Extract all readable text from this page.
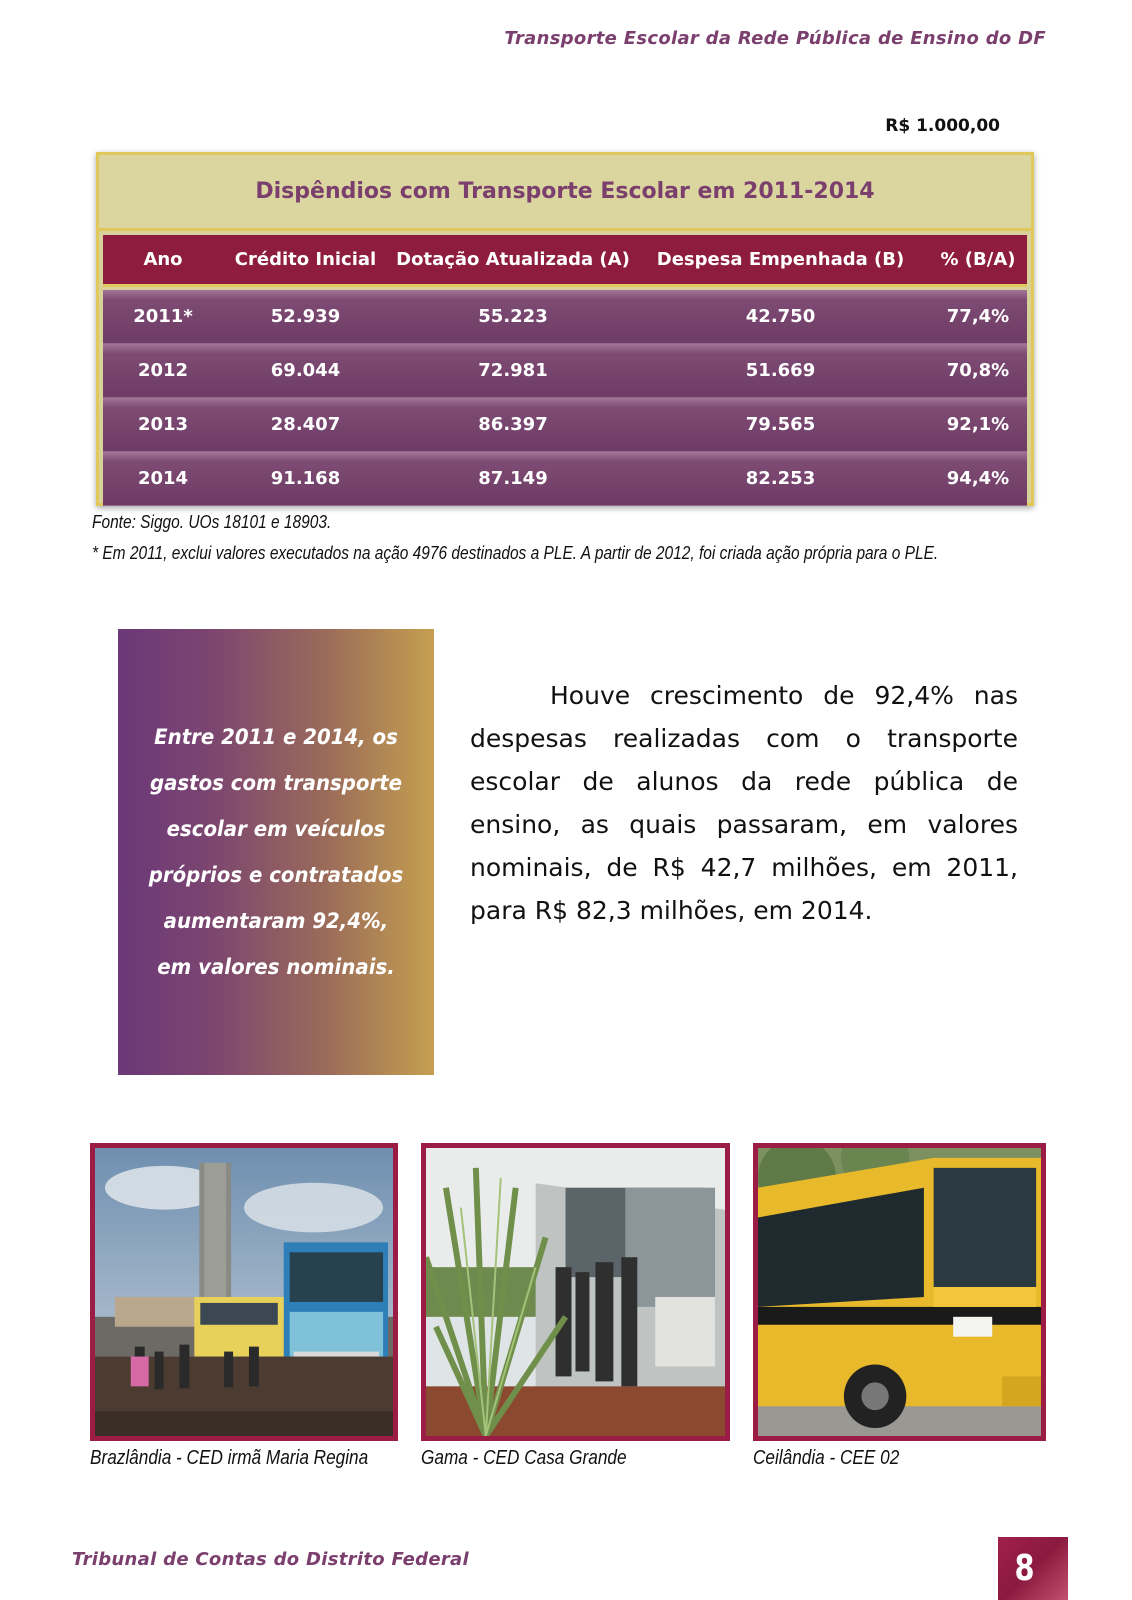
Transporte Escolar da Rede Pública de Ensino do DF
R$ 1.000,00
Dispêndios com Transporte Escolar em 2011-2014
Ano	Crédito Inicial	Dotação Atualizada (A)	Despesa Empenhada (B)	% (B/A)
2011*	52.939	55.223	42.750	77,4%
2012	69.044	72.981	51.669	70,8%
2013	28.407	86.397	79.565	92,1%
2014	91.168	87.149	82.253	94,4%
Fonte: Siggo. UOs 18101 e 18903.
* Em 2011, exclui valores executados na ação 4976 destinados a PLE. A partir de 2012, foi criada ação própria para o PLE.

Entre 2011 e 2014, os gastos com transporte escolar em veículos próprios e contratados aumentaram 92,4%, em valores nominais.

Houve crescimento de 92,4% nas despesas realizadas com o transporte escolar de alunos da rede pública de ensino, as quais passaram, em valores nominais, de R$ 42,7 milhões, em 2011, para R$ 82,3 milhões, em 2014.

Brazlândia - CED irmã Maria Regina	Gama - CED Casa Grande	Ceilândia - CEE 02
Tribunal de Contas do Distrito Federal	8
